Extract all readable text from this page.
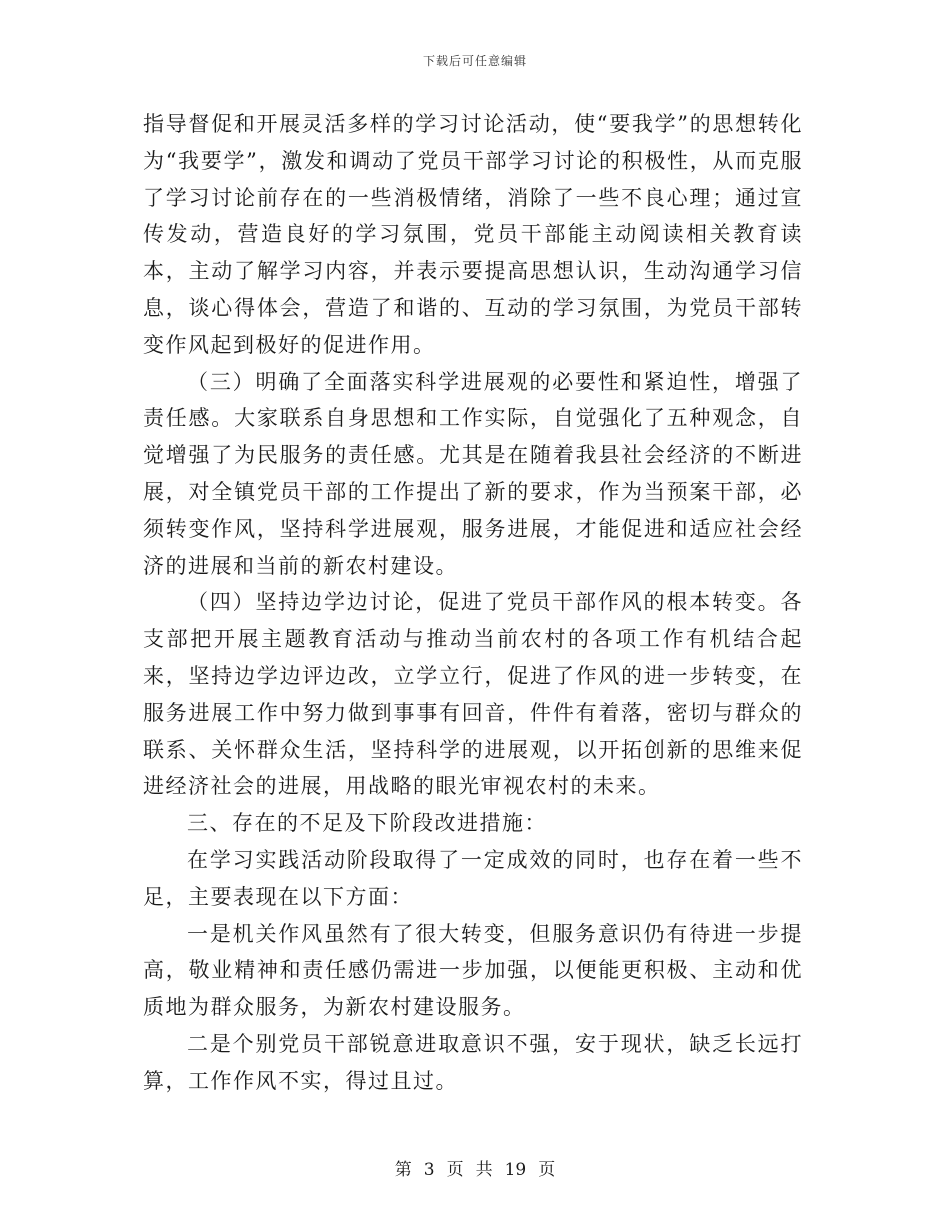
下载后可任意编辑

指导督促和开展灵活多样的学习讨论活动，使“要我学”的思想转化为“我要学”，激发和调动了党员干部学习讨论的积极性，从而克服了学习讨论前存在的一些消极情绪，消除了一些不良心理；通过宣传发动，营造良好的学习氛围，党员干部能主动阅读相关教育读本，主动了解学习内容，并表示要提高思想认识，生动沟通学习信息，谈心得体会，营造了和谐的、互动的学习氛围，为党员干部转变作风起到极好的促进作用。

（三）明确了全面落实科学进展观的必要性和紧迫性，增强了责任感。大家联系自身思想和工作实际，自觉强化了五种观念，自觉增强了为民服务的责任感。尤其是在随着我县社会经济的不断进展，对全镇党员干部的工作提出了新的要求，作为当预案干部，必须转变作风，坚持科学进展观，服务进展，才能促进和适应社会经济的进展和当前的新农村建设。

（四）坚持边学边讨论，促进了党员干部作风的根本转变。各支部把开展主题教育活动与推动当前农村的各项工作有机结合起来，坚持边学边评边改，立学立行，促进了作风的进一步转变，在服务进展工作中努力做到事事有回音，件件有着落，密切与群众的联系、关怀群众生活，坚持科学的进展观，以开拓创新的思维来促进经济社会的进展，用战略的眼光审视农村的未来。

三、存在的不足及下阶段改进措施：

在学习实践活动阶段取得了一定成效的同时，也存在着一些不足，主要表现在以下方面：

一是机关作风虽然有了很大转变，但服务意识仍有待进一步提高，敬业精神和责任感仍需进一步加强，以便能更积极、主动和优质地为群众服务，为新农村建设服务。

二是个别党员干部锐意进取意识不强，安于现状，缺乏长远打算，工作作风不实，得过且过。

第 3 页 共 19 页
